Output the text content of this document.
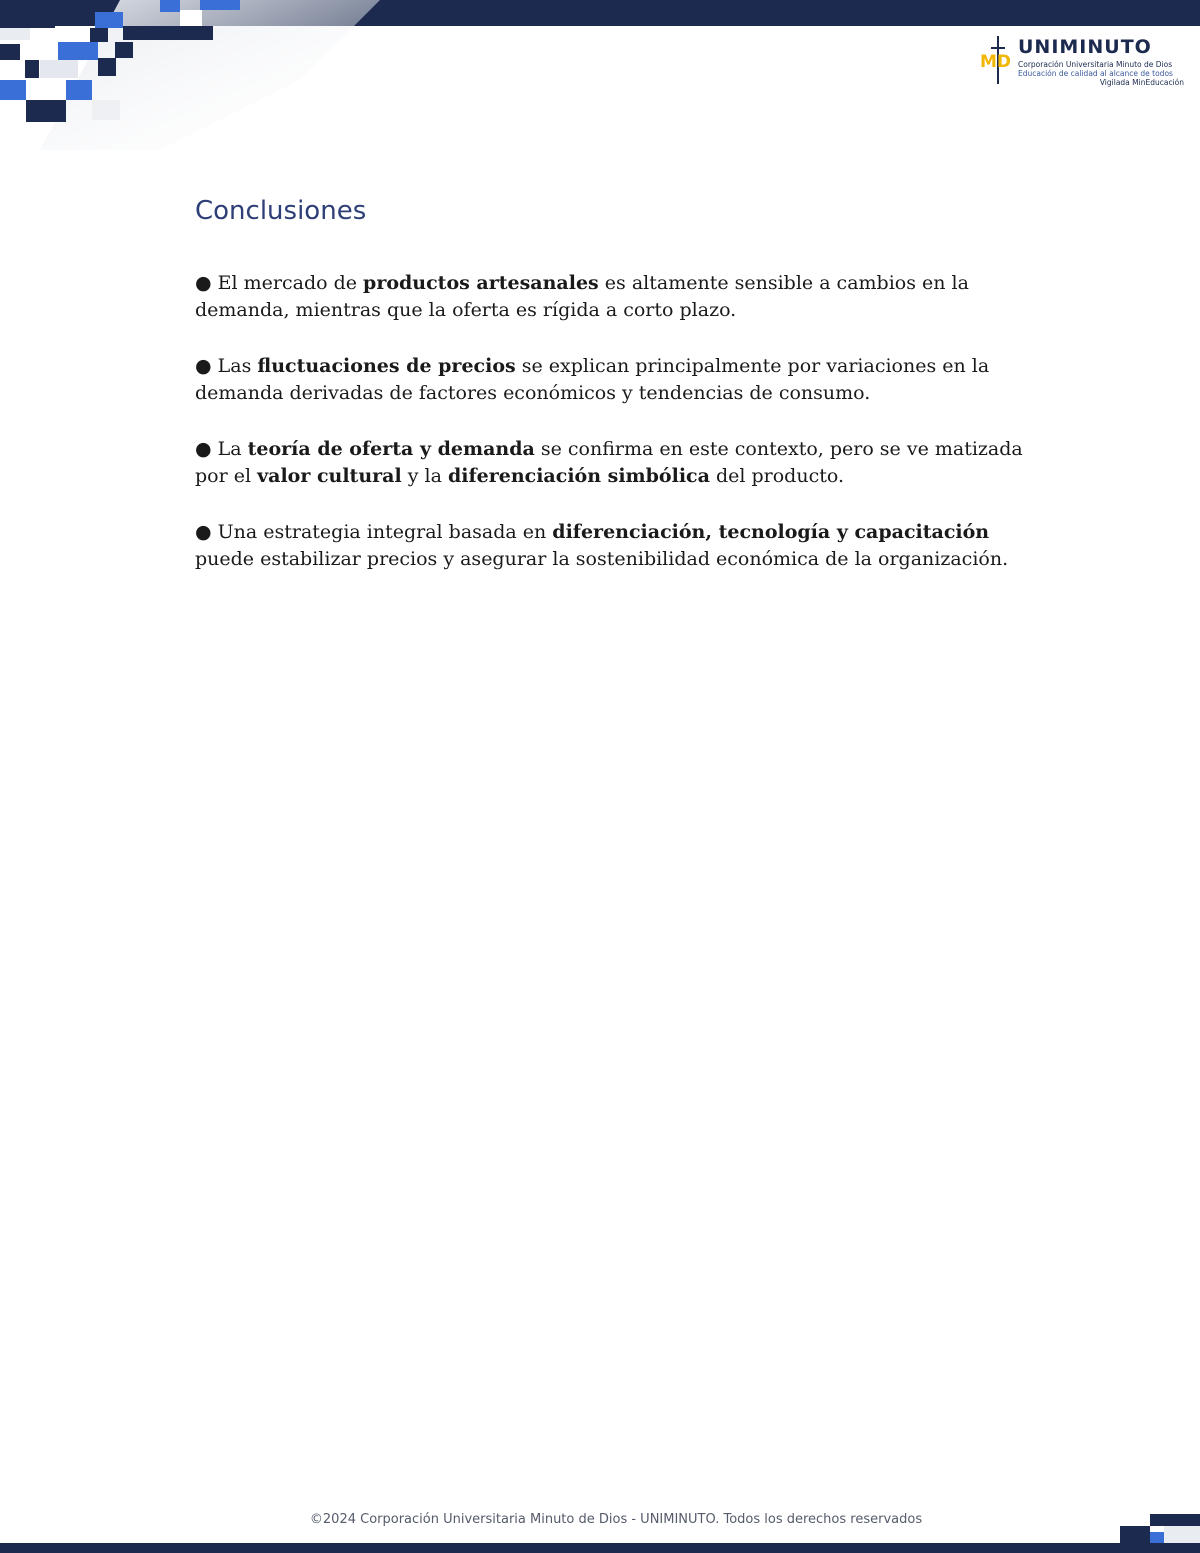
MD
UNIMINUTO
Corporación Universitaria Minuto de Dios
Educación de calidad al alcance de todos
Vigilada MinEducación
Conclusiones
● El mercado de productos artesanales es altamente sensible a cambios en la demanda, mientras que la oferta es rígida a corto plazo.
● Las fluctuaciones de precios se explican principalmente por variaciones en la demanda derivadas de factores económicos y tendencias de consumo.
● La teoría de oferta y demanda se confirma en este contexto, pero se ve matizada por el valor cultural y la diferenciación simbólica del producto.
● Una estrategia integral basada en diferenciación, tecnología y capacitación puede estabilizar precios y asegurar la sostenibilidad económica de la organización.
©2024 Corporación Universitaria Minuto de Dios - UNIMINUTO. Todos los derechos reservados
